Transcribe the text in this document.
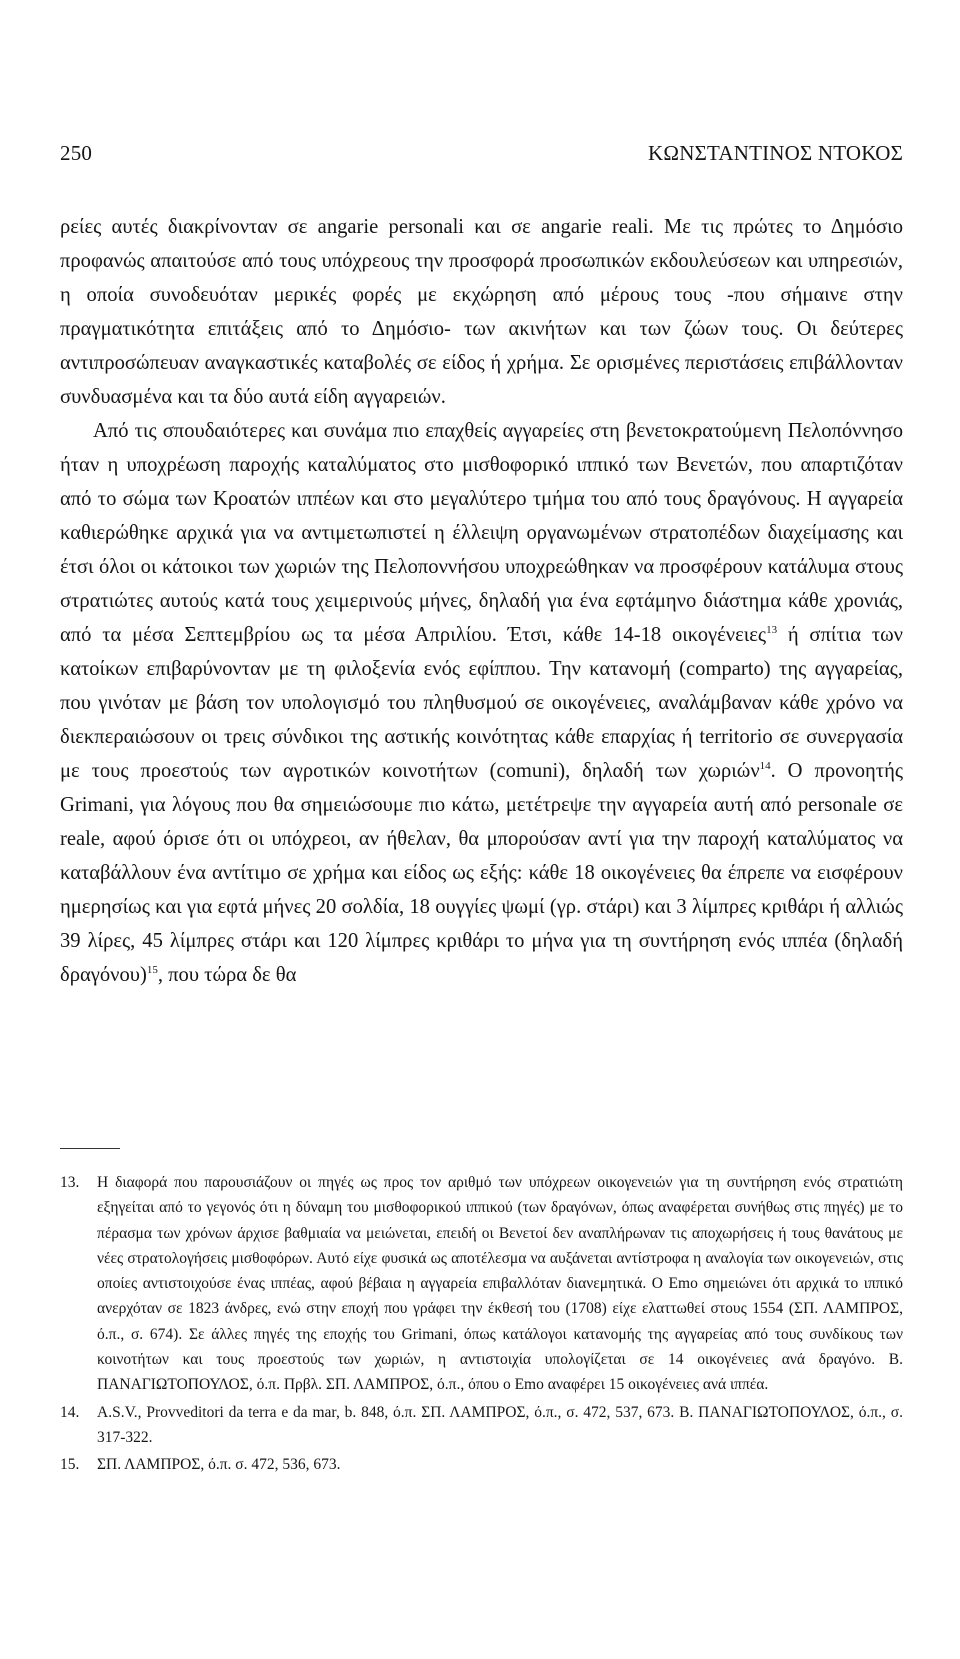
250	ΚΩΝΣΤΑΝΤΙΝΟΣ ΝΤΟΚΟΣ

ρείες αυτές διακρίνονταν σε angarie personali και σε angarie reali. Με τις πρώτες το Δημόσιο προφανώς απαιτούσε από τους υπόχρεους την προσφορά προσωπικών εκδουλεύσεων και υπηρεσιών, η οποία συνοδευόταν μερικές φορές με εκχώρηση από μέρους τους -που σήμαινε στην πραγματικότητα επιτάξεις από το Δημόσιο- των ακινήτων και των ζώων τους. Οι δεύτερες αντιπροσώπευαν αναγκαστικές καταβολές σε είδος ή χρήμα. Σε ορισμένες περιστάσεις επιβάλλονταν συνδυασμένα και τα δύο αυτά είδη αγγαρειών.

Από τις σπουδαιότερες και συνάμα πιο επαχθείς αγγαρείες στη βενετοκρατούμενη Πελοπόννησο ήταν η υποχρέωση παροχής καταλύματος στο μισθοφορικό ιππικό των Βενετών, που απαρτιζόταν από το σώμα των Κροατών ιππέων και στο μεγαλύτερο τμήμα του από τους δραγόνους. Η αγγαρεία καθιερώθηκε αρχικά για να αντιμετωπιστεί η έλλειψη οργανωμένων στρατοπέδων διαχείμασης και έτσι όλοι οι κάτοικοι των χωριών της Πελοποννήσου υποχρεώθηκαν να προσφέρουν κατάλυμα στους στρατιώτες αυτούς κατά τους χειμερινούς μήνες, δηλαδή για ένα εφτάμηνο διάστημα κάθε χρονιάς, από τα μέσα Σεπτεμβρίου ως τα μέσα Απριλίου. Έτσι, κάθε 14-18 οικογένειες$^{13}$ ή σπίτια των κατοίκων επιβαρύνονταν με τη φιλοξενία ενός εφίππου. Την κατανομή (comparto) της αγγαρείας, που γινόταν με βάση τον υπολογισμό του πληθυσμού σε οικογένειες, αναλάμβαναν κάθε χρόνο να διεκπεραιώσουν οι τρεις σύνδικοι της αστικής κοινότητας κάθε επαρχίας ή territorio σε συνεργασία με τους προεστούς των αγροτικών κοινοτήτων (comuni), δηλαδή των χωριών$^{14}$. Ο προνοητής Grimani, για λόγους που θα σημειώσουμε πιο κάτω, μετέτρεψε την αγγαρεία αυτή από personale σε reale, αφού όρισε ότι οι υπόχρεοι, αν ήθελαν, θα μπορούσαν αντί για την παροχή καταλύματος να καταβάλλουν ένα αντίτιμο σε χρήμα και είδος ως εξής: κάθε 18 οικογένειες θα έπρεπε να εισφέρουν ημερησίως και για εφτά μήνες 20 σολδία, 18 ουγγίες ψωμί (γρ. στάρι) και 3 λίμπρες κριθάρι ή αλλιώς 39 λίρες, 45 λίμπρες στάρι και 120 λίμπρες κριθάρι το μήνα για τη συντήρηση ενός ιππέα (δηλαδή δραγόνου)$^{15}$, που τώρα δε θα

13.	Η διαφορά που παρουσιάζουν οι πηγές ως προς τον αριθμό των υπόχρεων οικογενειών για τη συντήρηση ενός στρατιώτη εξηγείται από το γεγονός ότι η δύναμη του μισθοφορικού ιππικού (των δραγόνων, όπως αναφέρεται συνήθως στις πηγές) με το πέρασμα των χρόνων άρχισε βαθμιαία να μειώνεται, επειδή οι Βενετοί δεν αναπλήρωναν τις αποχωρήσεις ή τους θανάτους με νέες στρατολογήσεις μισθοφόρων. Αυτό είχε φυσικά ως αποτέλεσμα να αυξάνεται αντίστροφα η αναλογία των οικογενειών, στις οποίες αντιστοιχούσε ένας ιππέας, αφού βέβαια η αγγαρεία επιβαλλόταν διανεμητικά. Ο Emo σημειώνει ότι αρχικά το ιππικό ανερχόταν σε 1823 άνδρες, ενώ στην εποχή που γράφει την έκθεσή του (1708) είχε ελαττωθεί στους 1554 (ΣΠ. ΛΑΜΠΡΟΣ, ό.π., σ. 674). Σε άλλες πηγές της εποχής του Grimani, όπως κατάλογοι κατανομής της αγγαρείας από τους συνδίκους των κοινοτήτων και τους προεστούς των χωριών, η αντιστοιχία υπολογίζεται σε 14 οικογένειες ανά δραγόνο. Β. ΠΑΝΑΓΙΩΤΟΠΟΥΛΟΣ, ό.π. Πρβλ. ΣΠ. ΛΑΜΠΡΟΣ, ό.π., όπου ο Emo αναφέρει 15 οικογένειες ανά ιππέα.
14.	A.S.V., Provveditori da terra e da mar, b. 848, ό.π. ΣΠ. ΛΑΜΠΡΟΣ, ό.π., σ. 472, 537, 673. Β. ΠΑΝΑΓΙΩΤΟΠΟΥΛΟΣ, ό.π., σ. 317-322.
15.	ΣΠ. ΛΑΜΠΡΟΣ, ό.π. σ. 472, 536, 673.
